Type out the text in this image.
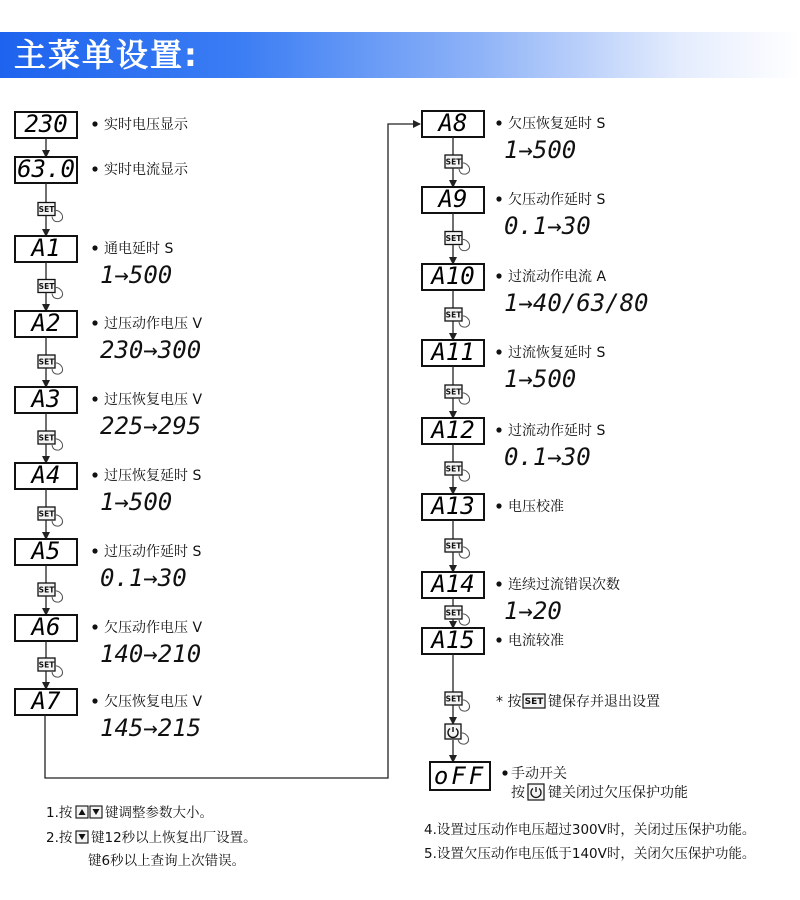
主菜单设置:
230	实时电压显示
63.0 实时电流显示
SET
A1	通电延时 S
1→500
SET
A2	过压动作电压 V
230→300
SET
A3	过压恢复电压 V
225→295
SET
A4	过压恢复延时 S
1→500
SET
A5	过压动作延时 S
0.1→30
SET
A6	欠压动作电压 V
140→210
SET
A7	欠压恢复电压 V
145→215
A8	欠压恢复延时 S
1→500
SET
A9	欠压动作延时 S
0.1→30
SET
A10 过流动作电流 A
1→40/63/80
SET
A11 过流恢复延时 S
1→500
SET
A12 过流动作延时 S
0.1→30
SET
A13 电压校准
SET
A14 连续过流错误次数
1→20
SET
A15 电流较准
SET * 按 SET 键保存并退出设置
oFF 手动开关
按 键关闭过欠压保护功能
1.按 键调整参数大小。
2.按 键12秒以上恢复出厂设置。
键6秒以上查询上次错误。
4.设置过压动作电压超过300V时，关闭过压保护功能。
5.设置欠压动作电压低于140V时，关闭欠压保护功能。
